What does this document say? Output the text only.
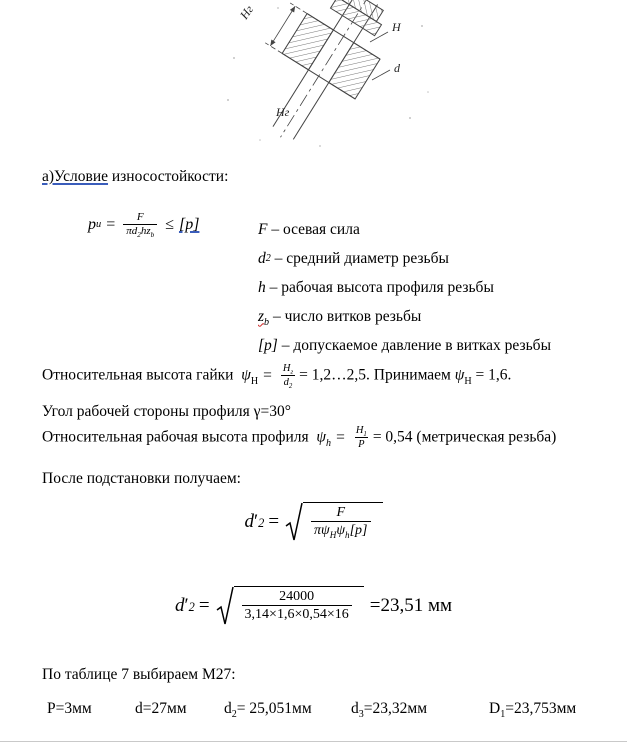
Hг
H
d
Hг

а)Условие износостойкости:

p $u = \frac{F}{\pi d_2hz_b} \le [p]$	F – осевая сила
d 2 – средний диаметр резьбы
h – рабочая высота профиля резьбы
$z_b$ – число витков резьбы
[p] – допускаемое давление в витках резьбы

Относительная высота гайки  $\psi_Н = \frac{H_г}{d_2}$ = 1,2…2,5. Принимаем $\psi_Н = 1,6$.

Угол рабочей стороны профиля γ=30°

Относительная рабочая высота профиля  $\psi_h = \frac{H_1}{P} = 0,54$ (метрическая резьба)

После подстановки получаем:

d ′ $2 = \frac{F}{\pi\psi_Н\psi_h[p]}$
d ′ $2 = \frac{24000}{3,14\times 1,6\times 0,54\times 16} =23,51$ мм

По таблице 7 выбираем М27:

P=3мм	d=27мм $d_2= 25,051мм$	$d_3=23,32мм$	$D_1=23,753мм$
